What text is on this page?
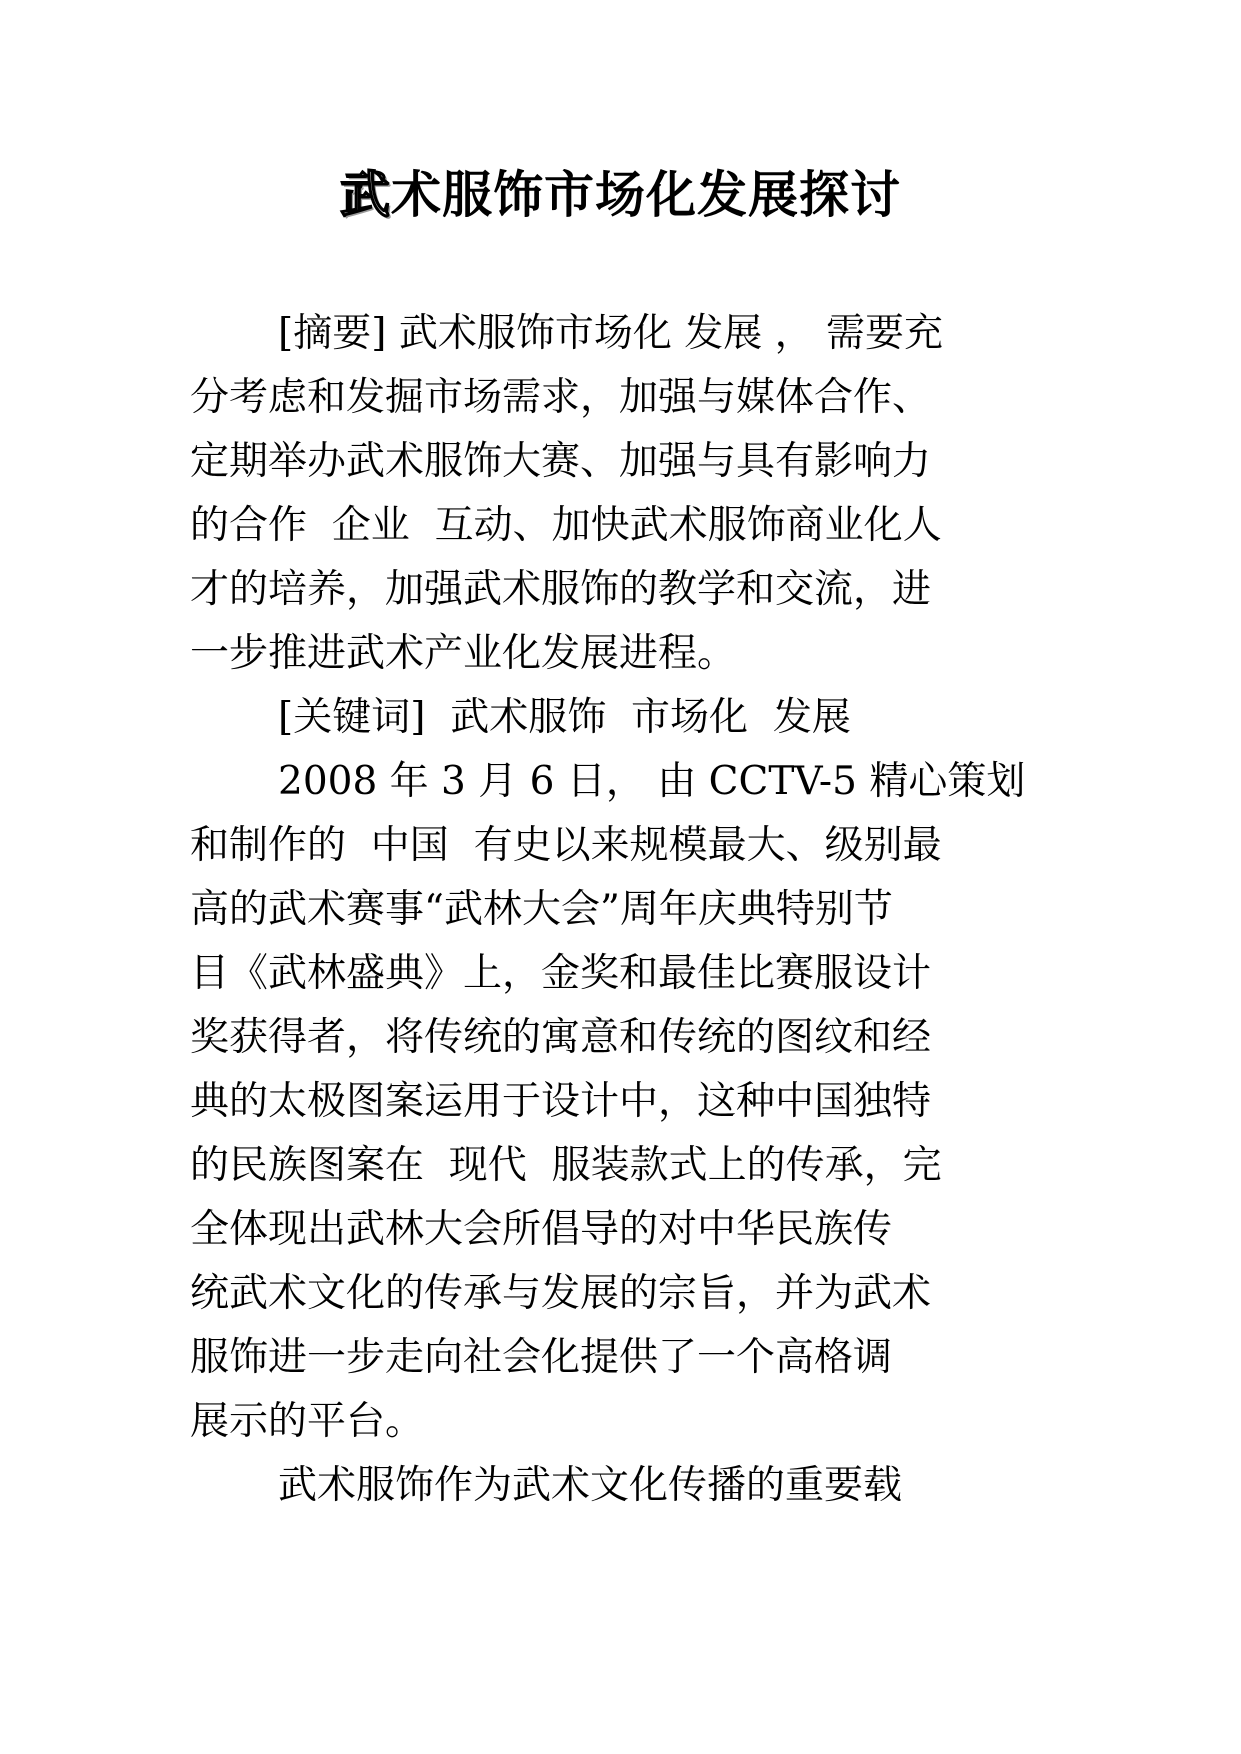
武术服饰市场化发展探讨
[摘要] 武术服饰市场化 发展 ， 需要充
分考虑和发掘市场需求，加强与媒体合作、
定期举办武术服饰大赛、加强与具有影响力
的合作  企业  互动、加快武术服饰商业化人
才的培养，加强武术服饰的教学和交流，进
一步推进武术产业化发展进程。
[关键词]  武术服饰  市场化  发展
2008 年 3 月 6 日， 由 CCTV-5 精心策划
和制作的  中国  有史以来规模最大、级别最
高的武术赛事“武林大会”周年庆典特别节
目《武林盛典》上，金奖和最佳比赛服设计
奖获得者，将传统的寓意和传统的图纹和经
典的太极图案运用于设计中，这种中国独特
的民族图案在  现代  服装款式上的传承，完
全体现出武林大会所倡导的对中华民族传
统武术文化的传承与发展的宗旨，并为武术
服饰进一步走向社会化提供了一个高格调
展示的平台。
武术服饰作为武术文化传播的重要载
